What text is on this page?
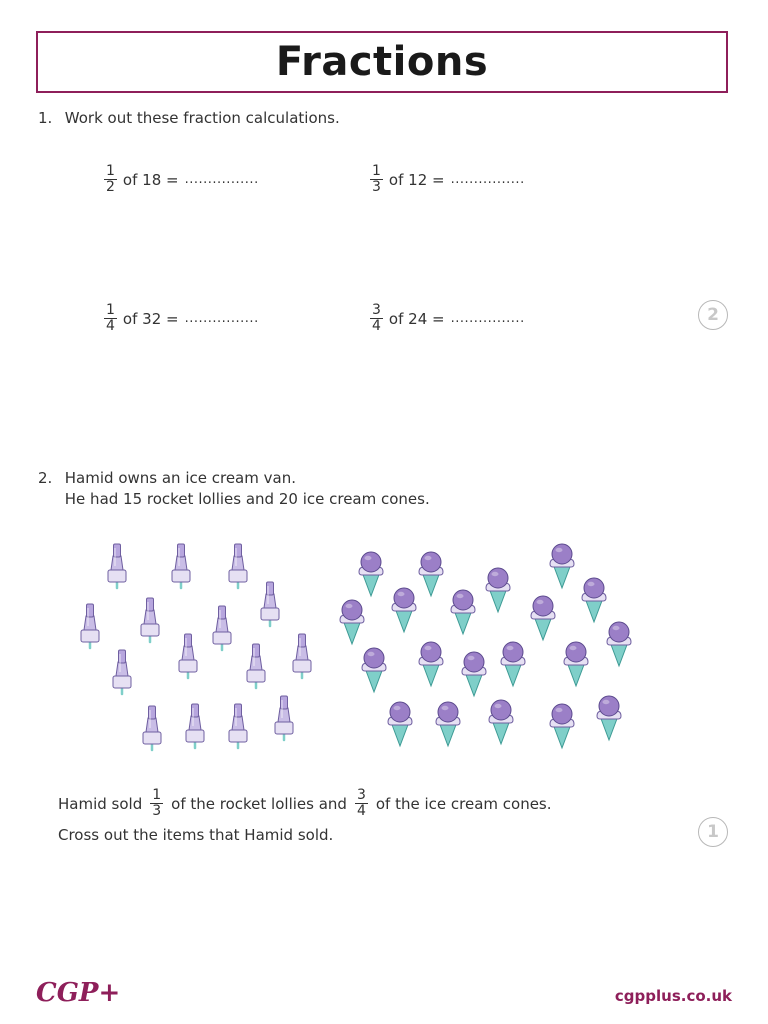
Fractions
1. Work out these fraction calculations.
$\frac{1}{2}$ of 18 = ................	$\frac{1}{3}$ of 12 = ................
$\frac{1}{4}$ of 32 = ................	$\frac{3}{4}$ of 24 = ................	2
2. Hamid owns an ice cream van.
He had 15 rocket lollies and 20 ice cream cones.
Hamid sold $\frac{1}{3}$ of the rocket lollies and $\frac{3}{4}$ of the ice cream cones.
Cross out the items that Hamid sold.	1
CGP+	cgpplus.co.uk
